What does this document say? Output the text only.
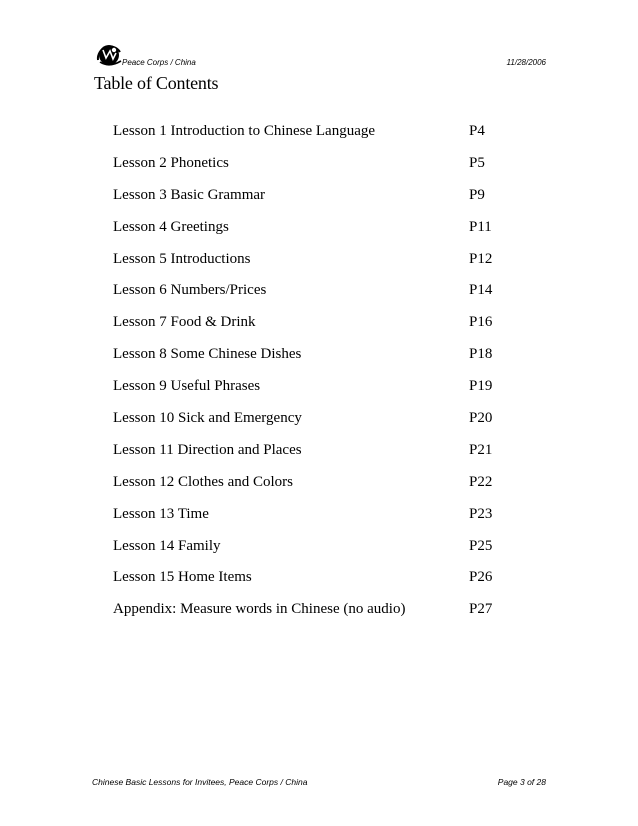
Peace Corps / China	11/28/2006
Table of Contents
Lesson 1 Introduction to Chinese Language	P4
Lesson 2 Phonetics	P5
Lesson 3 Basic Grammar	P9
Lesson 4 Greetings	P11
Lesson 5 Introductions	P12
Lesson 6 Numbers/Prices	P14
Lesson 7 Food & Drink	P16
Lesson 8 Some Chinese Dishes	P18
Lesson 9 Useful Phrases	P19
Lesson 10 Sick and Emergency	P20
Lesson 11 Direction and Places	P21
Lesson 12 Clothes and Colors	P22
Lesson 13 Time	P23
Lesson 14 Family	P25
Lesson 15 Home Items	P26
Appendix: Measure words in Chinese (no audio)	P27
Chinese Basic Lessons for Invitees, Peace Corps / China	Page 3 of 28
